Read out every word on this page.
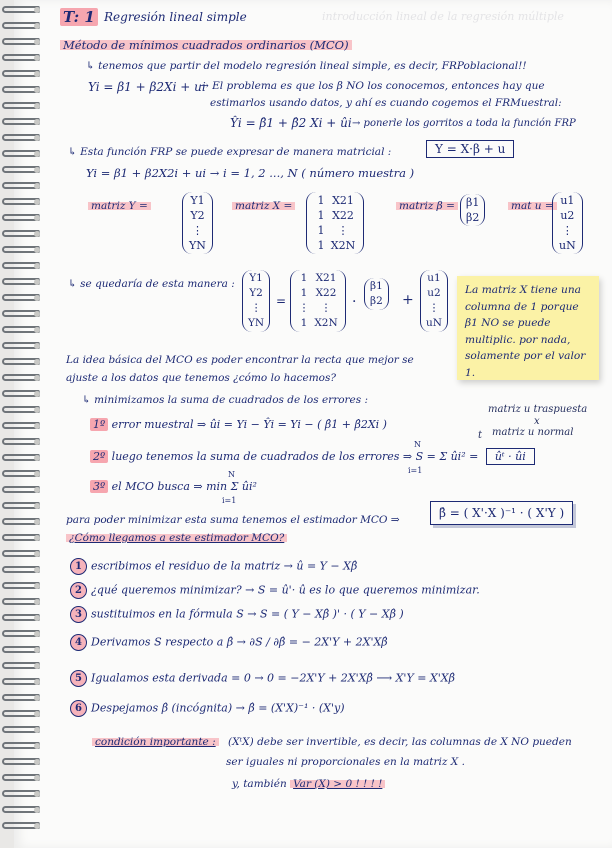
introducción lineal de la regresión múltiple
T: 1 Regresión lineal simple
Método de mínimos cuadrados ordinarios (MCO)
↳ tenemos que partir del modelo regresión lineal simple, es decir, FRPoblacional!!
Yi = β1 + β2Xi + ui
→ El problema es que los β NO los conocemos, entonces hay que
estimarlos usando datos, y ahí es cuando cogemos el FRMuestral:
Ŷi = β̂1 + β̂2 Xi + ûi → ponerle los gorritos a toda la función FRP
↳ Esta función FRP se puede expresar de manera matricial :	Y = X·β + u
Yi = β1 + β2X2i + ui → i = 1, 2 ..., N ( número muestra )
matriz Y =	Y1
Y2
⋮
YN
matriz X =	1 X21
1 X22
1 ⋮
1 X2N
matriz β = β1
β2
mat u = u1
u2
⋮
uN
↳ se quedaría de esta manera : Y1
Y2
⋮
YN
=
1 X21
1 X22
⋮ ⋮
1 X2N
·
β1
β2 +
u1
u2
⋮
uN
La matriz X tiene una columna de 1 porque β1 NO se puede multiplic. por nada, solamente por el valor 1.
La idea básica del MCO es poder encontrar la recta que mejor se
ajuste a los datos que tenemos ¿cómo lo hacemos?
↳ minimizamos la suma de cuadrados de los errores :
matriz u traspuesta
x
t matriz u normal
1º error muestral ⇒ ûi = Yi − Ŷi = Yi − ( β̂1 + β̂2Xi )
2º luego tenemos la suma de cuadrados de los errores ⇒ S = Σ ûi² = ûᵗ · ûi
N
i=1
3º el MCO busca ⇒ min Σ ûi²
N
i=1
para poder minimizar esta suma tenemos el estimador MCO ⇒	β̂ = ( X'·X )⁻¹ · ( X'Y )
¿Cómo llegamos a este estimador MCO?
1 escribimos el residuo de la matriz → û = Y − Xβ̂
2 ¿qué queremos minimizar? → S = û'· û es lo que queremos minimizar.
3 sustituimos en la fórmula S → S = ( Y − Xβ̂ )' · ( Y − Xβ̂ )
4 Derivamos S respecto a β̂ → ∂S / ∂β̂ = − 2X'Y + 2X'Xβ̂
5 Igualamos esta derivada = 0 → 0 = −2X'Y + 2X'Xβ̂ ⟶ X'Y = X'Xβ̂
6 Despejamos β̂ (incógnita) → β̂ = (X'X)⁻¹ · (X'y)
condición importante : (XᵗX) debe ser invertible, es decir, las columnas de X NO pueden
ser iguales ni proporcionales en la matriz X .
y, también Var (X) > 0 ! ! ! !
